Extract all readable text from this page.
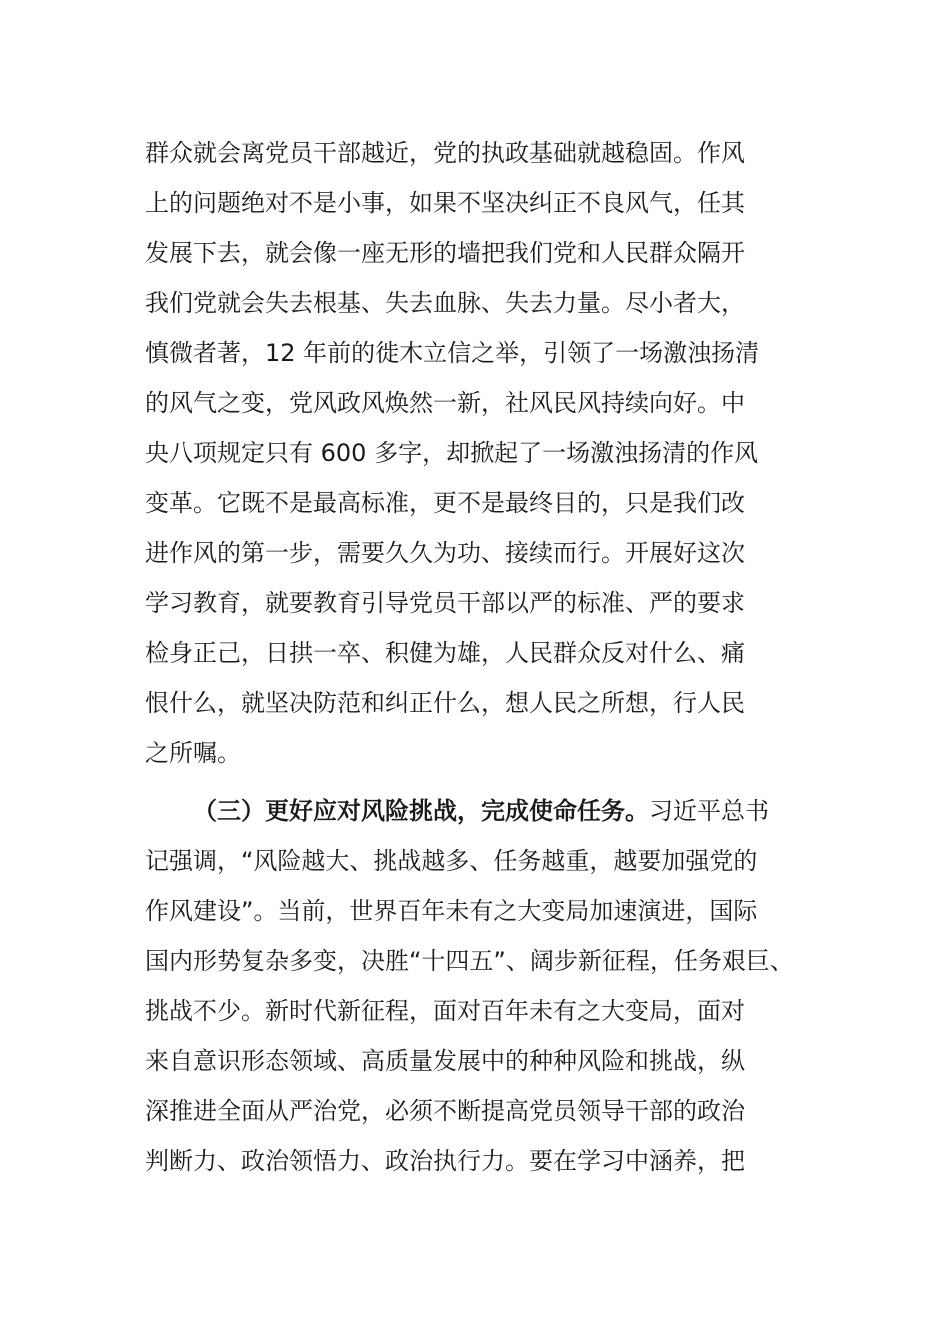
群众就会离党员干部越近，党的执政基础就越稳固。作风
上的问题绝对不是小事，如果不坚决纠正不良风气，任其
发展下去，就会像一座无形的墙把我们党和人民群众隔开
我们党就会失去根基、失去血脉、失去力量。尽小者大，
慎微者著，12 年前的徙木立信之举，引领了一场激浊扬清
的风气之变，党风政风焕然一新，社风民风持续向好。中
央八项规定只有 600 多字，却掀起了一场激浊扬清的作风
变革。它既不是最高标准，更不是最终目的，只是我们改
进作风的第一步，需要久久为功、接续而行。开展好这次
学习教育，就要教育引导党员干部以严的标准、严的要求
检身正己，日拱一卒、积健为雄，人民群众反对什么、痛
恨什么，就坚决防范和纠正什么，想人民之所想，行人民
之所嘱。
（三）更好应对风险挑战，完成使命任务。习近平总书
记强调，“风险越大、挑战越多、任务越重，越要加强党的
作风建设”。当前，世界百年未有之大变局加速演进，国际
国内形势复杂多变，决胜“十四五”、阔步新征程，任务艰巨、
挑战不少。新时代新征程，面对百年未有之大变局，面对
来自意识形态领域、高质量发展中的种种风险和挑战，纵
深推进全面从严治党，必须不断提高党员领导干部的政治
判断力、政治领悟力、政治执行力。要在学习中涵养，把
